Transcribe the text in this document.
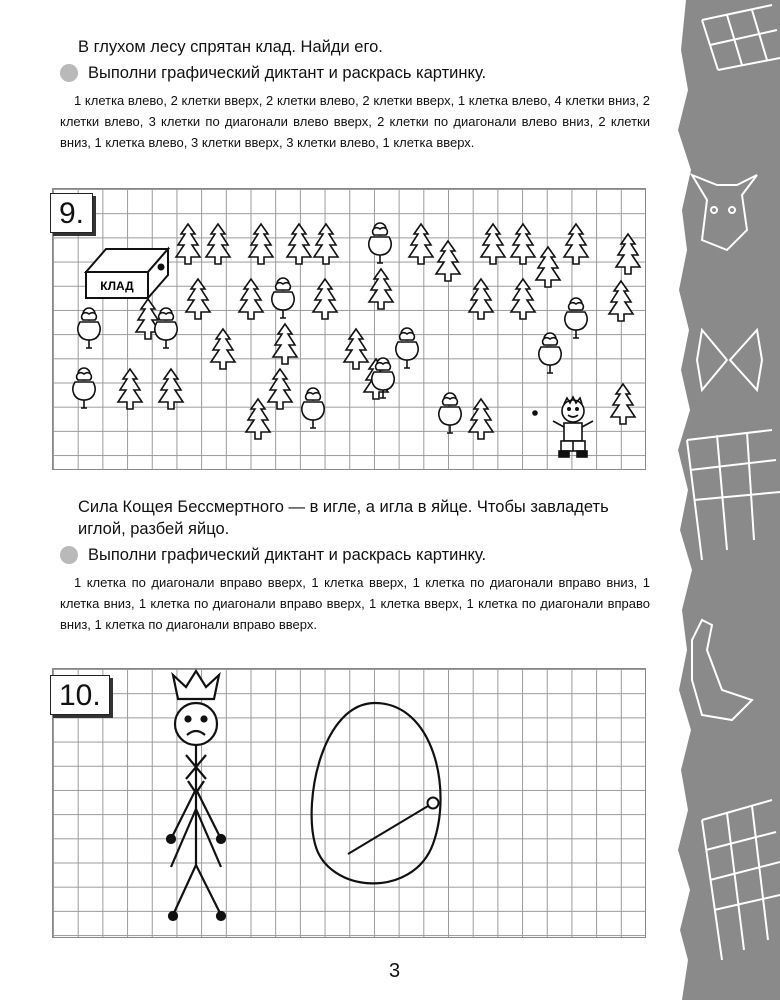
В глухом лесу спрятан клад. Найди его.
Выполни графический диктант и раскрась картинку.
1 клетка влево, 2 клетки вверх, 2 клетки влево, 2 клетки вверх, 1 клетка влево, 4 клетки вниз, 2 клетки влево, 3 клетки по диагонали влево вверх, 2 клетки по диагонали влево вниз, 2 клетки вниз, 1 клетка влево, 3 клетки вверх, 3 клетки влево, 1 клетка вверх.
КЛАД
9.
Сила Кощея Бессмертного — в игле, а игла в яйце. Чтобы завладеть иглой, разбей яйцо.
Выполни графический диктант и раскрась картинку.
1 клетка по диагонали вправо вверх, 1 клетка вверх, 1 клетка по диагонали вправо вниз, 1 клетка вниз, 1 клетка по диагонали вправо вверх, 1 клетка вверх, 1 клетка по диагонали вправо вниз, 1 клетка по диагонали вправо вверх.
10.
3
